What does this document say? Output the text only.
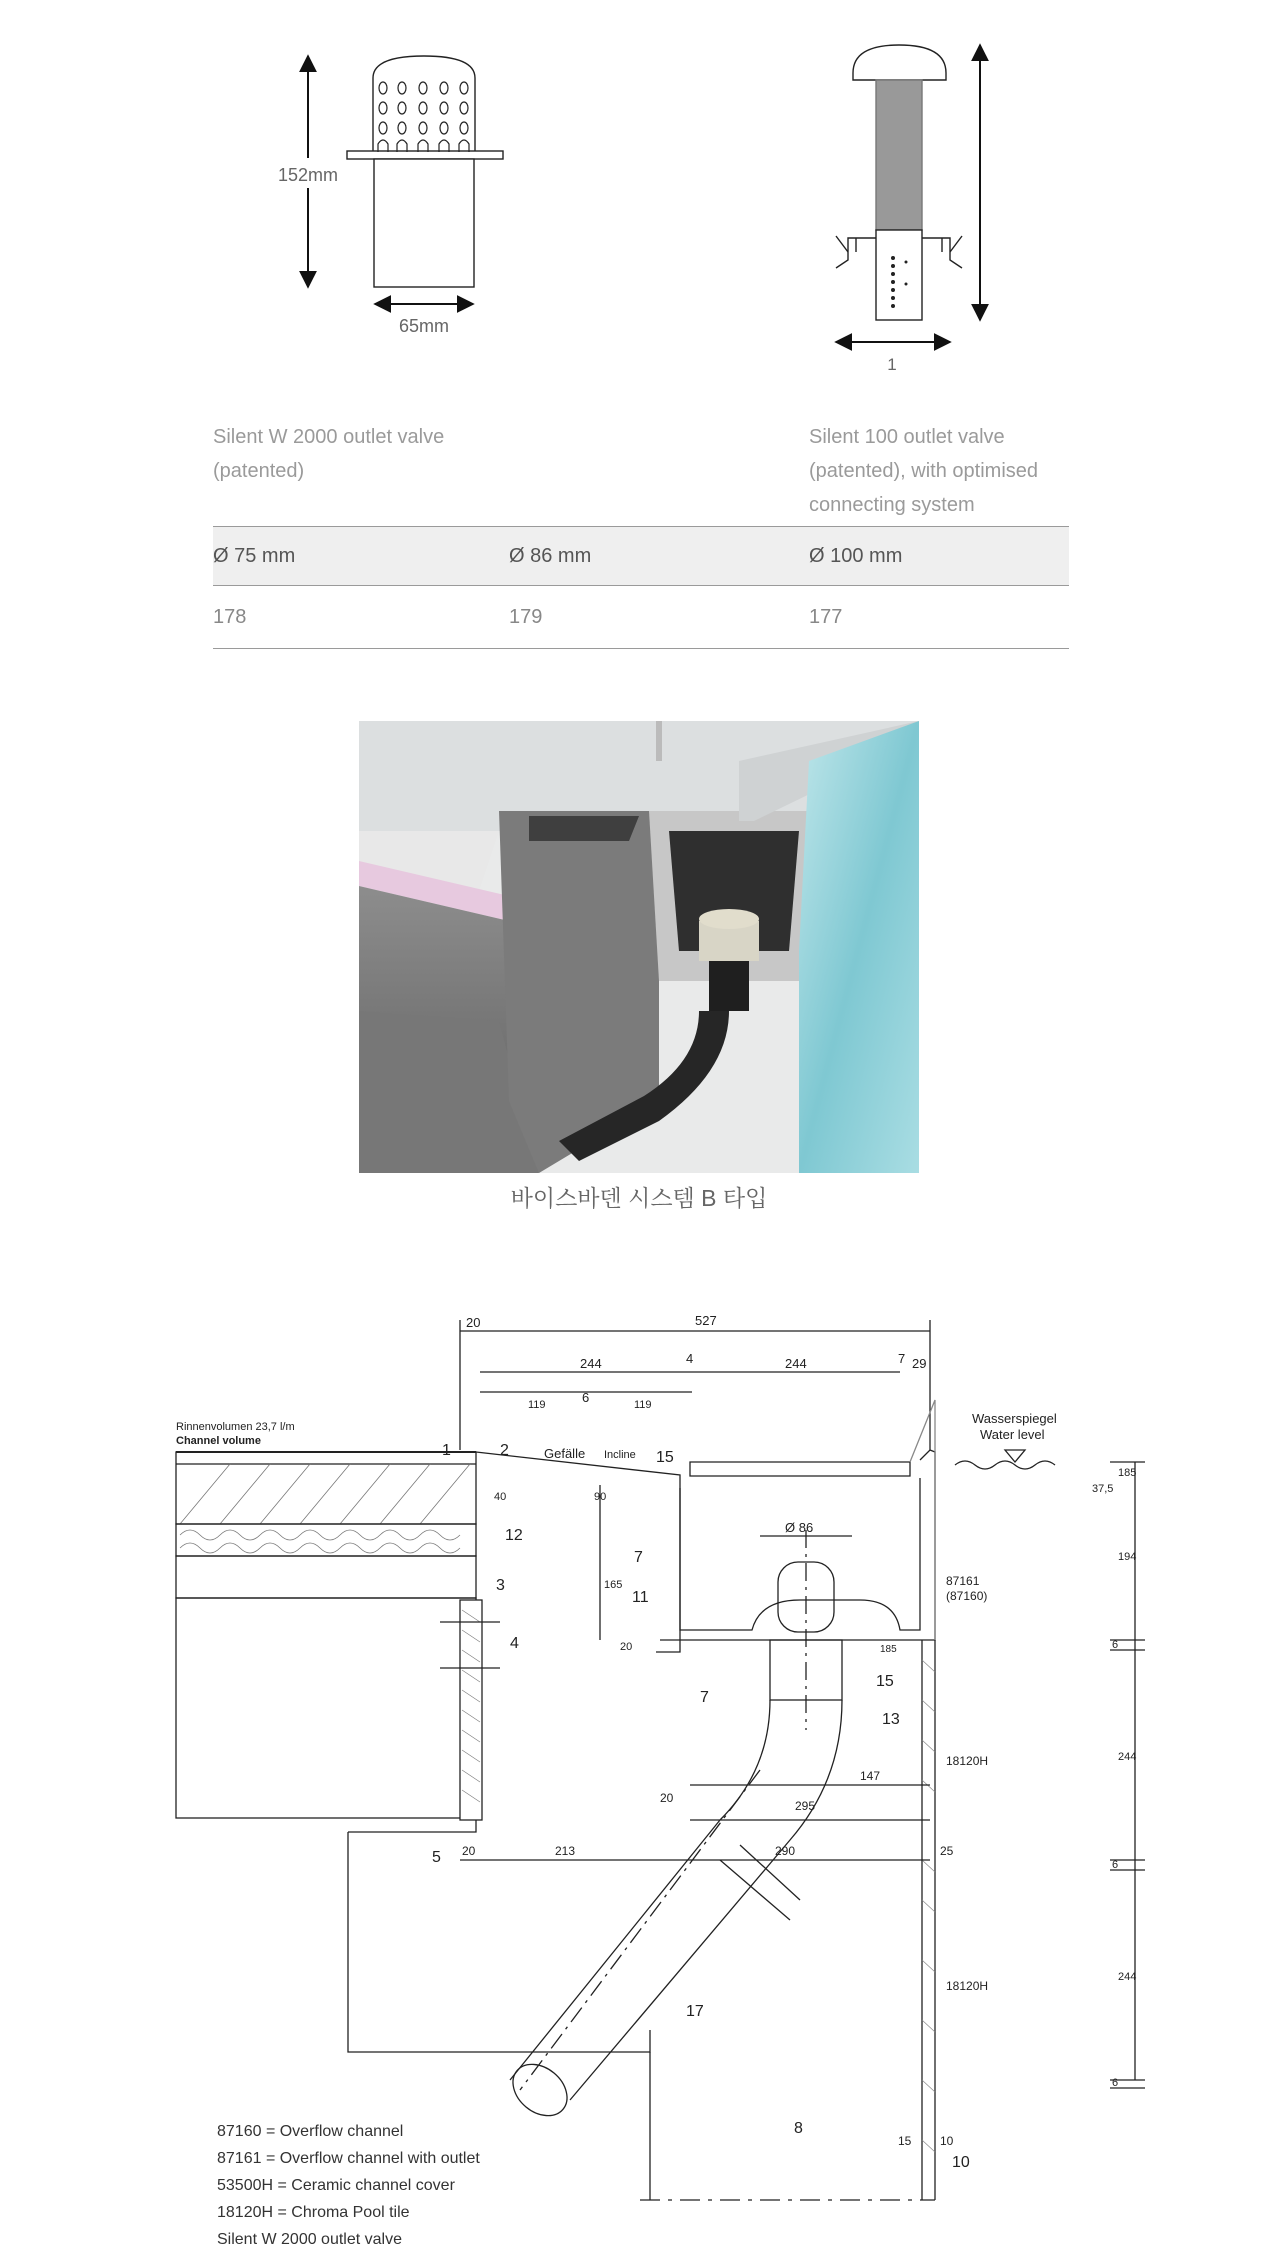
152mm
65mm
1
Silent W 2000 outlet valve
(patented)
Silent 100 outlet valve
(patented), with optimised
connecting system
Ø 75 mm	Ø 86 mm	Ø 100 mm
178	179	177
바이스바덴 시스템 B 타입
20	527
4
244	244	7 29
119	6	119
40	90
165
20
Ø 86
185
147
20
295
290	25
20	213
15 10
185
37,5
194
6
244
6
244
6
Rinnenvolumen 23,7 l/m
Channel volume
Gefälle Incline
Wasserspiegel
Water level
87161
(87160)
18120H
18120H
1	2	15
12
7
11
3
4
7
15
13
5
17
8
10
87160 = Overflow channel
87161 = Overflow channel with outlet
53500H = Ceramic channel cover
18120H = Chroma Pool tile
Silent W 2000 outlet valve
